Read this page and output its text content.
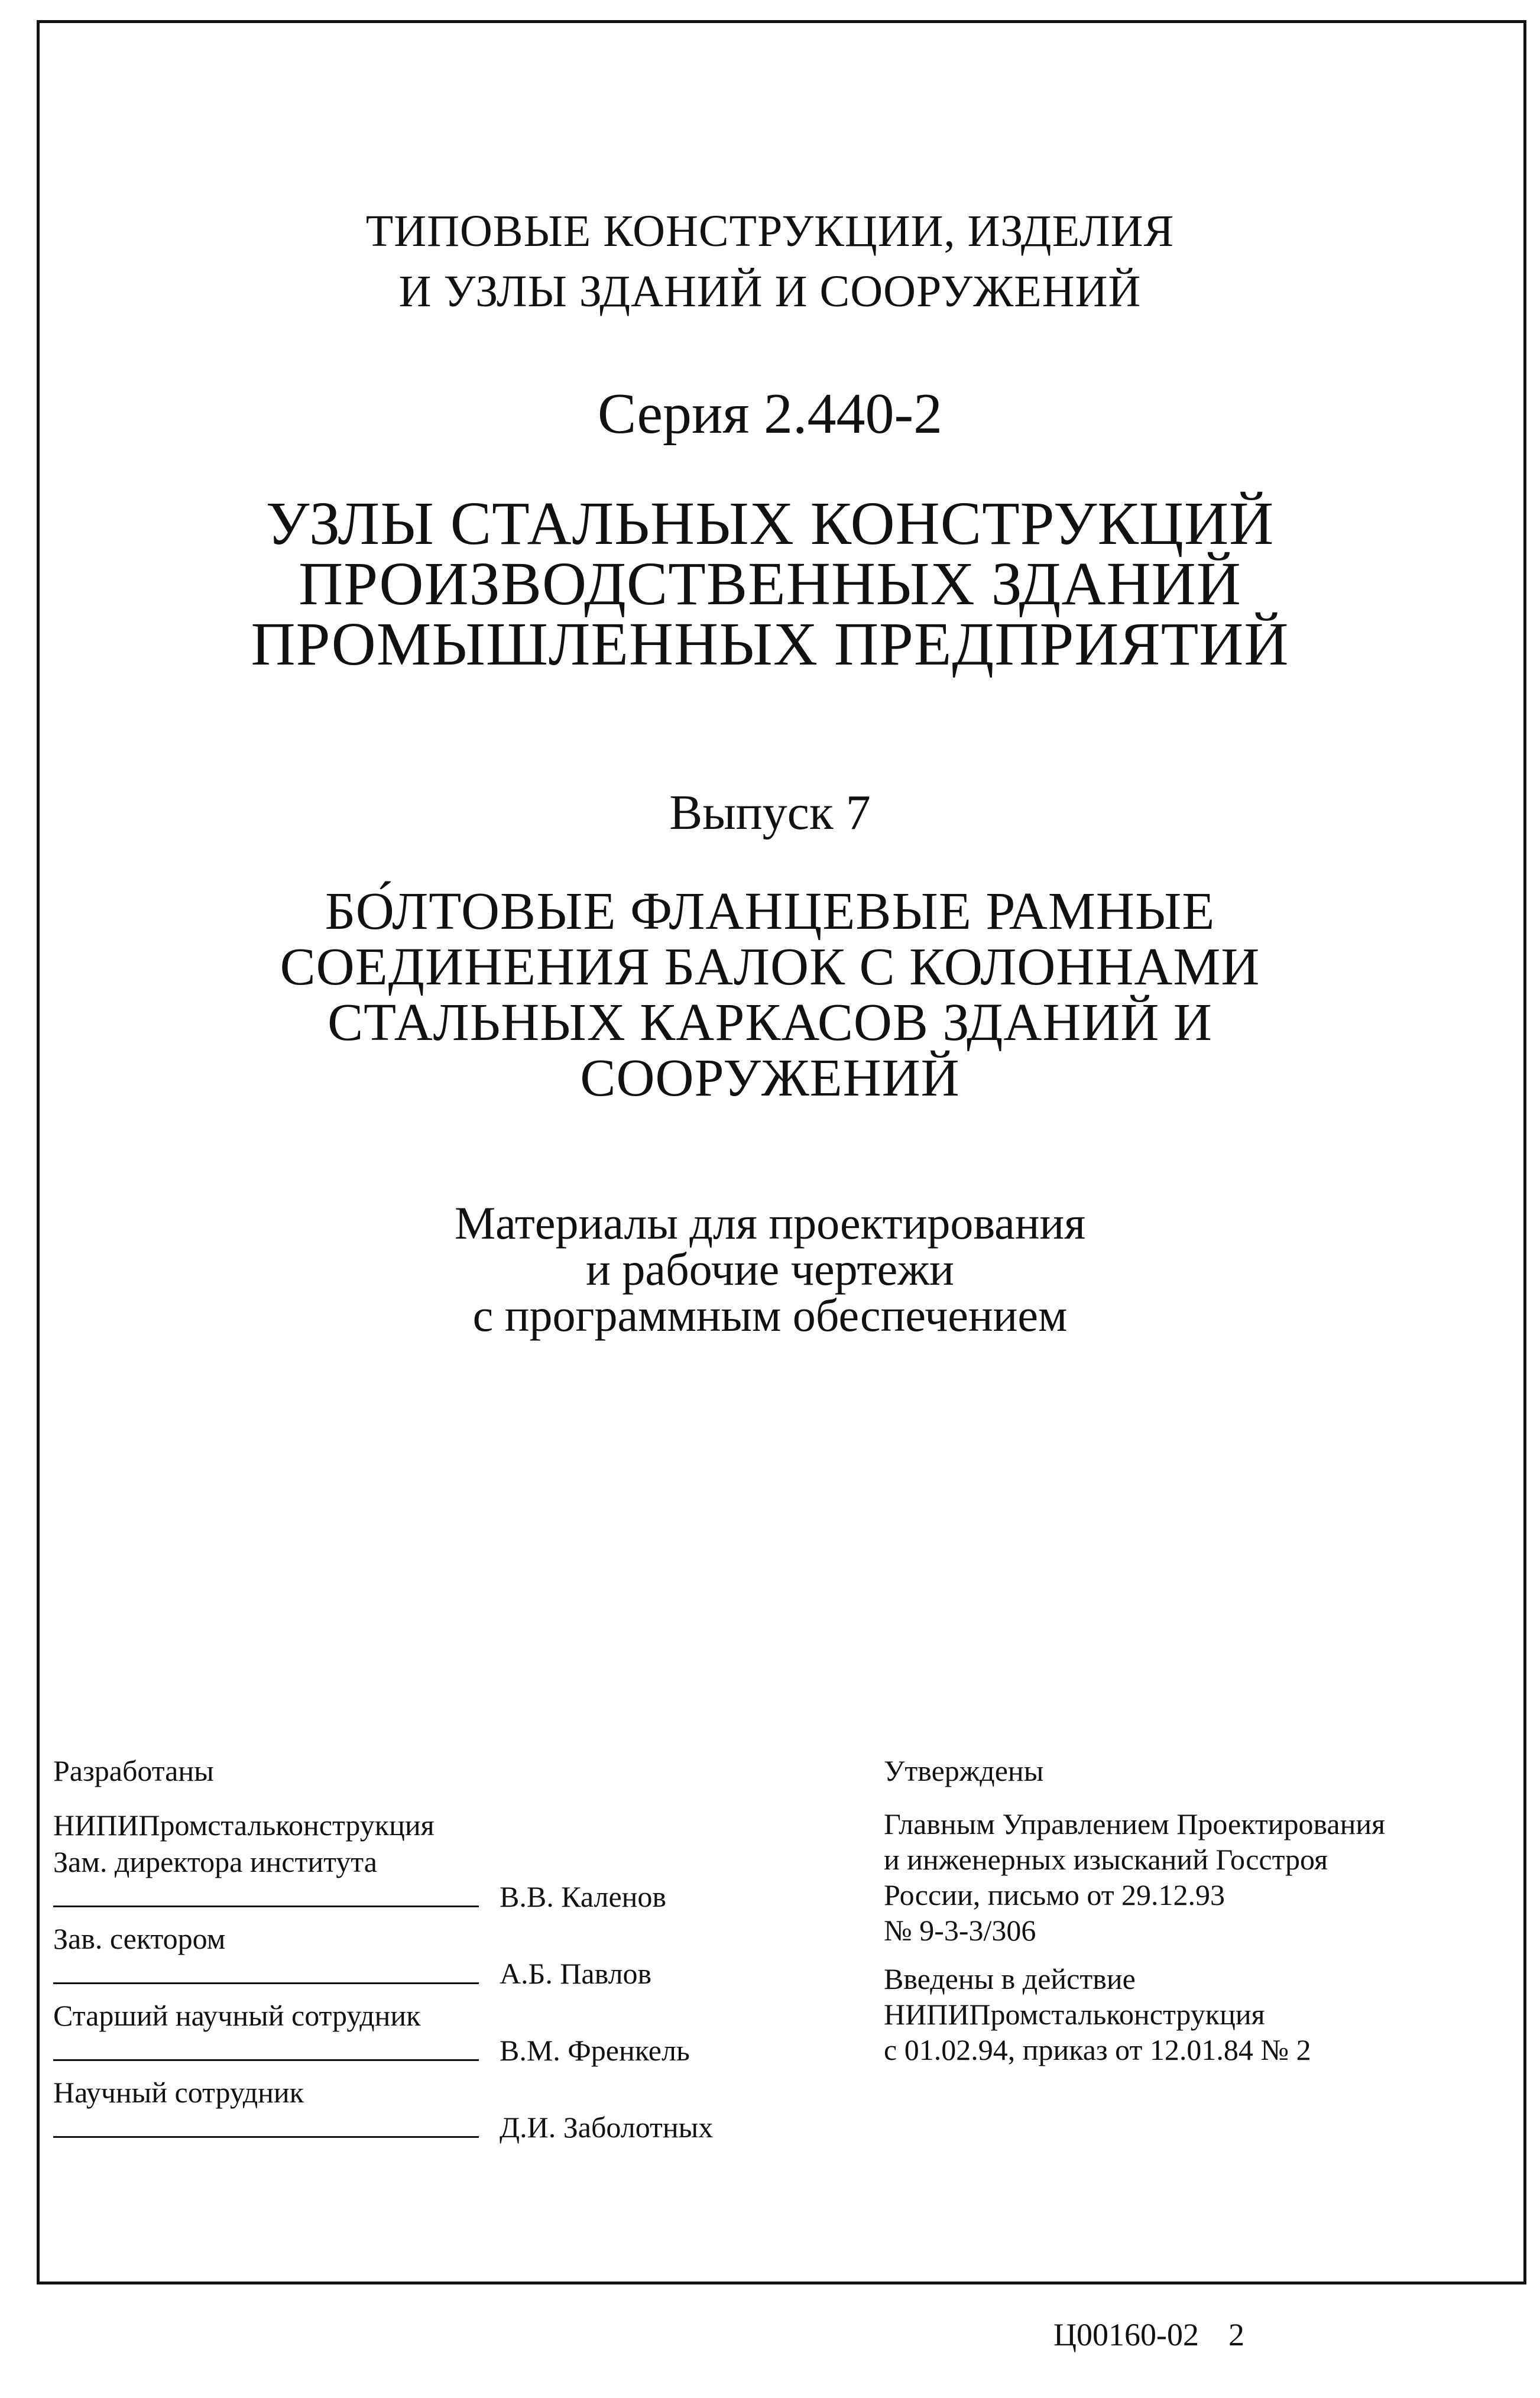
ТИПОВЫЕ КОНСТРУКЦИИ, ИЗДЕЛИЯ
И УЗЛЫ ЗДАНИЙ И СООРУЖЕНИЙ
Серия 2.440-2
УЗЛЫ СТАЛЬНЫХ КОНСТРУКЦИЙ
ПРОИЗВОДСТВЕННЫХ ЗДАНИЙ
ПРОМЫШЛЕННЫХ ПРЕДПРИЯТИЙ
Выпуск 7
БО́ЛТОВЫЕ ФЛАНЦЕВЫЕ РАМНЫЕ
СОЕДИНЕНИЯ БАЛОК С КОЛОННАМИ
СТАЛЬНЫХ КАРКАСОВ ЗДАНИЙ И
СООРУЖЕНИЙ
Материалы для проектирования
и рабочие чертежи
с программным обеспечением
Разработаны
НИПИПромстальконструкция
Зам. директора института
В.В. Каленов
Зав. сектором
А.Б. Павлов
Старший научный сотрудник
В.М. Френкель
Научный сотрудник
Д.И. Заболотных
Утверждены
Главным Управлением Проектирования
и инженерных изысканий Госстроя
России, письмо от 29.12.93
№ 9-3-3/306
Введены в действие
НИПИПромстальконструкция
с 01.02.94, приказ от 12.01.84 № 2
Ц00160-02 2
